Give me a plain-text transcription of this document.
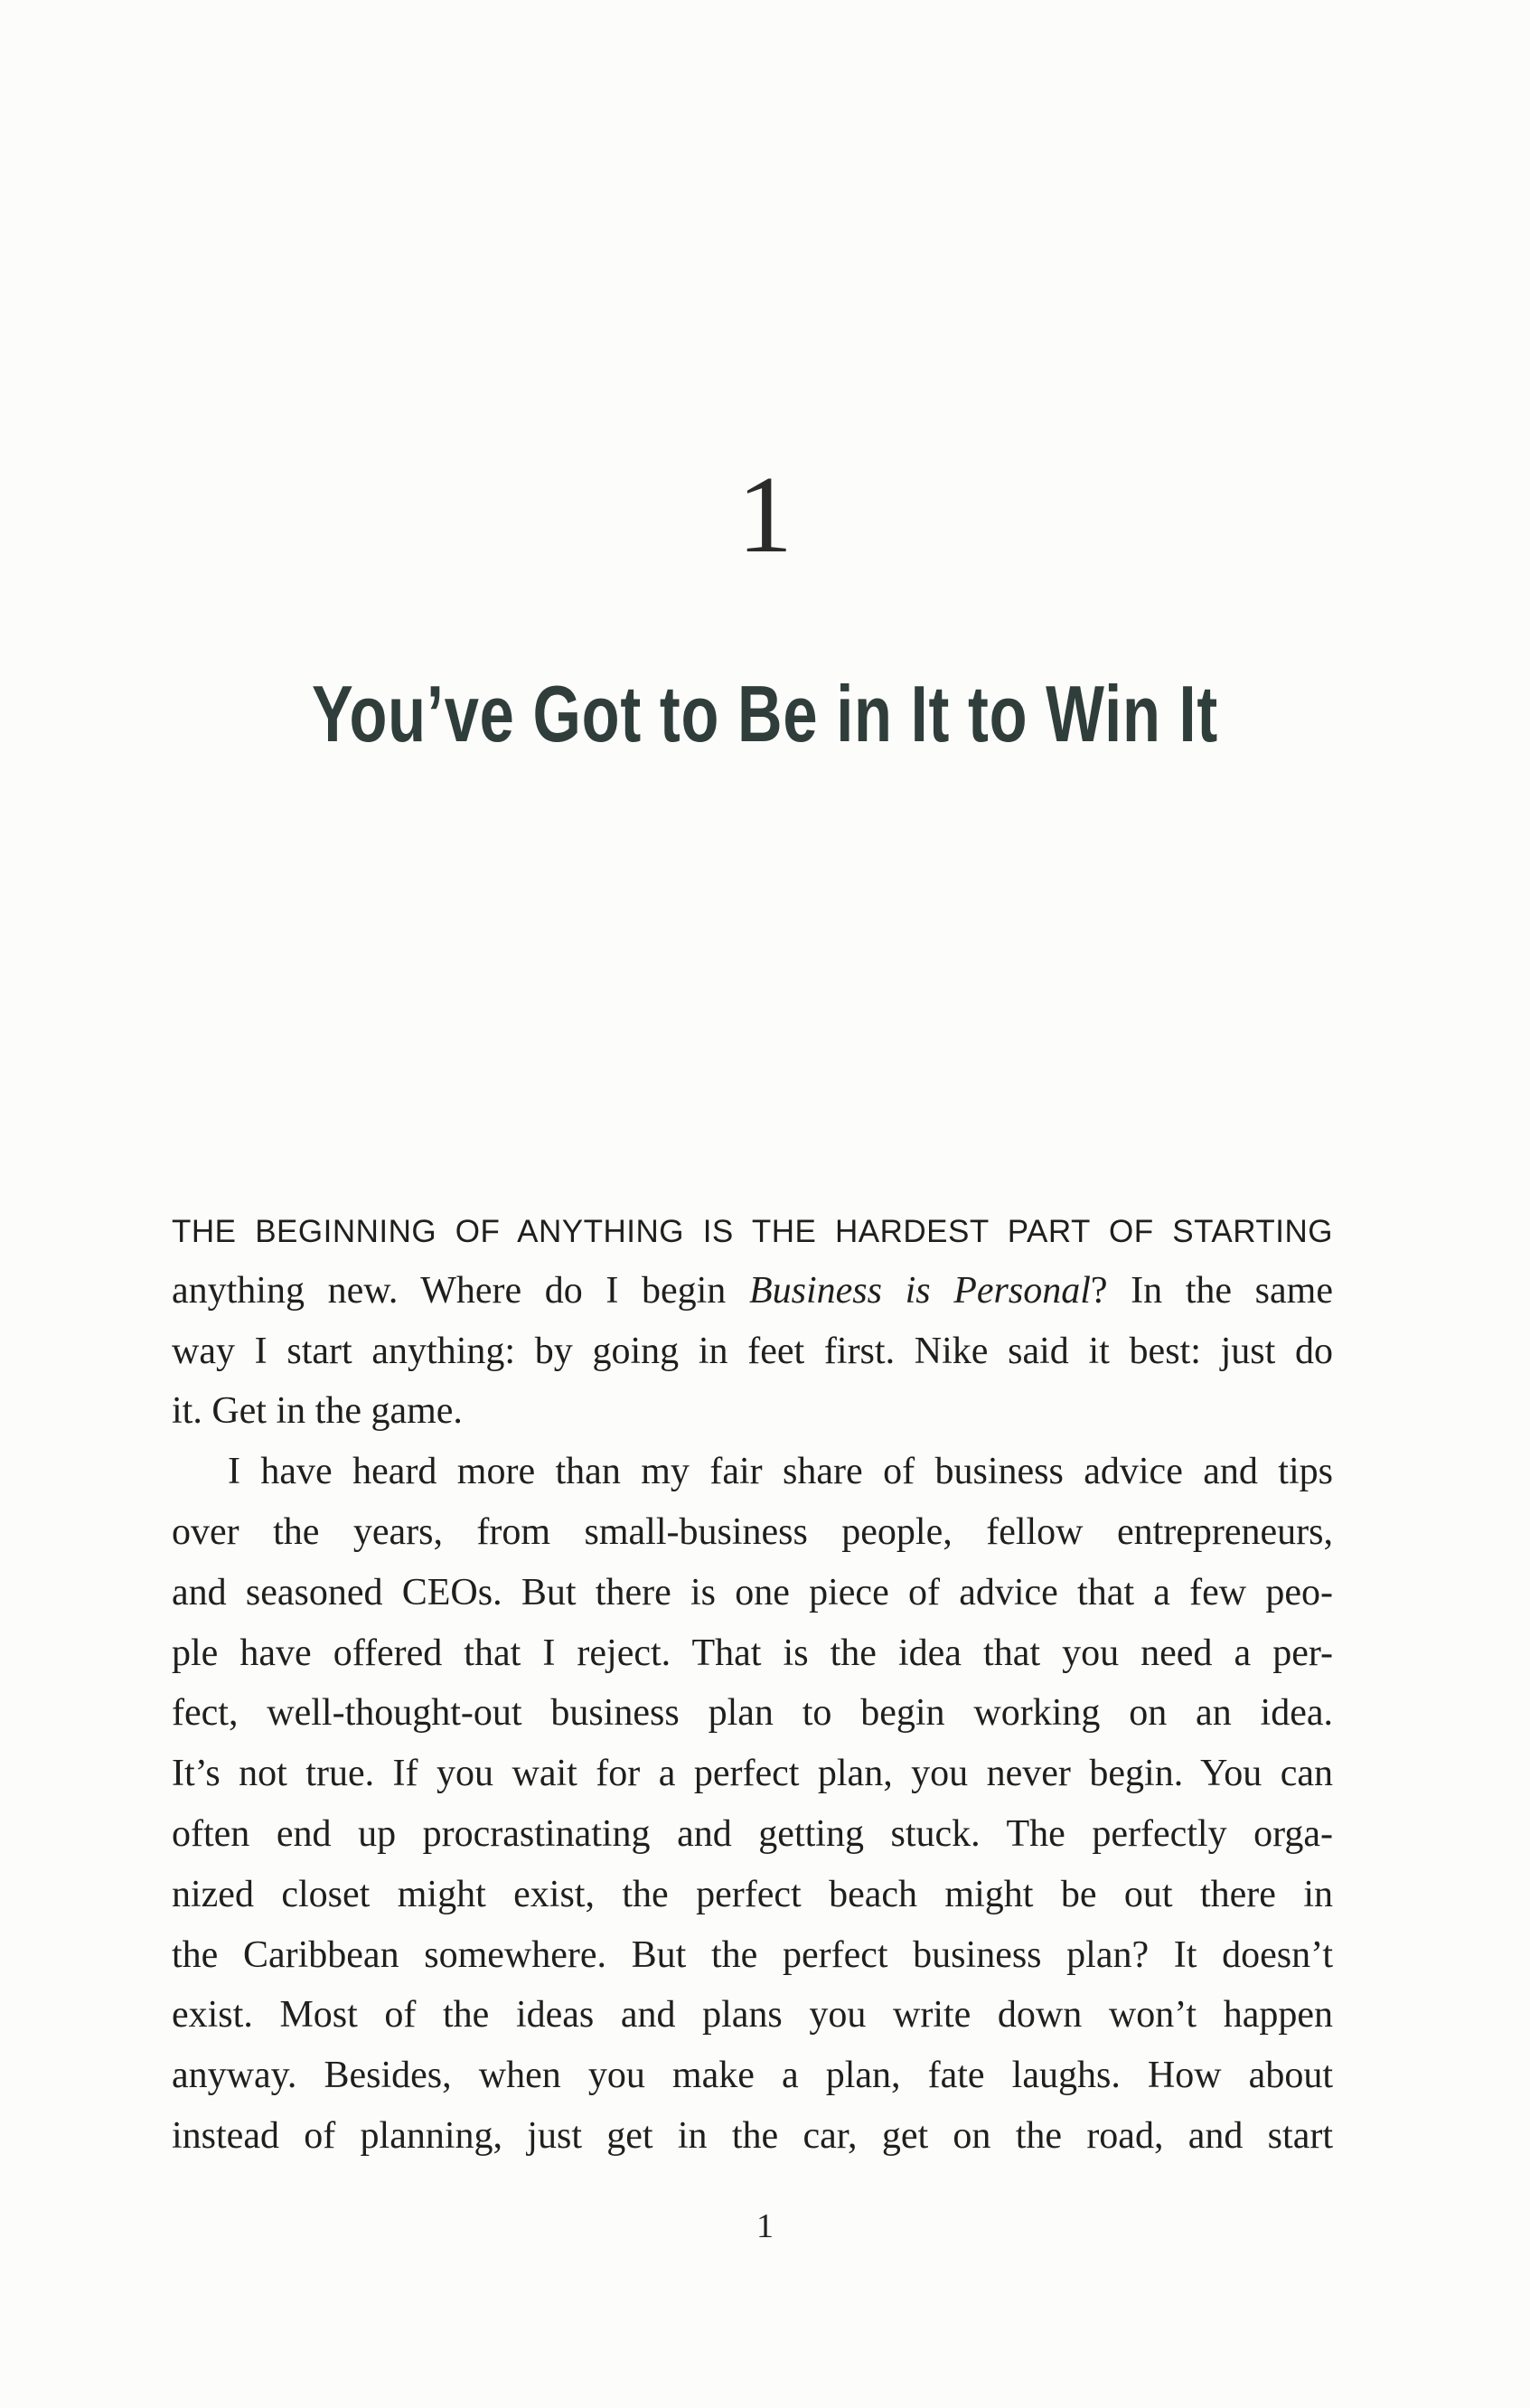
1
You’ve Got to Be in It to Win It
THE BEGINNING OF ANYTHING IS THE HARDEST PART OF STARTING
anything new. Where do I begin Business is Personal? In the same
way I start anything: by going in feet first. Nike said it best: just do
it. Get in the game.
I have heard more than my fair share of business advice and tips
over the years, from small-business people, fellow entrepreneurs,
and seasoned CEOs. But there is one piece of advice that a few peo-
ple have offered that I reject. That is the idea that you need a per-
fect, well-thought-out business plan to begin working on an idea.
It’s not true. If you wait for a perfect plan, you never begin. You can
often end up procrastinating and getting stuck. The perfectly orga-
nized closet might exist, the perfect beach might be out there in
the Caribbean somewhere. But the perfect business plan? It doesn’t
exist. Most of the ideas and plans you write down won’t happen
anyway. Besides, when you make a plan, fate laughs. How about
instead of planning, just get in the car, get on the road, and start
1
